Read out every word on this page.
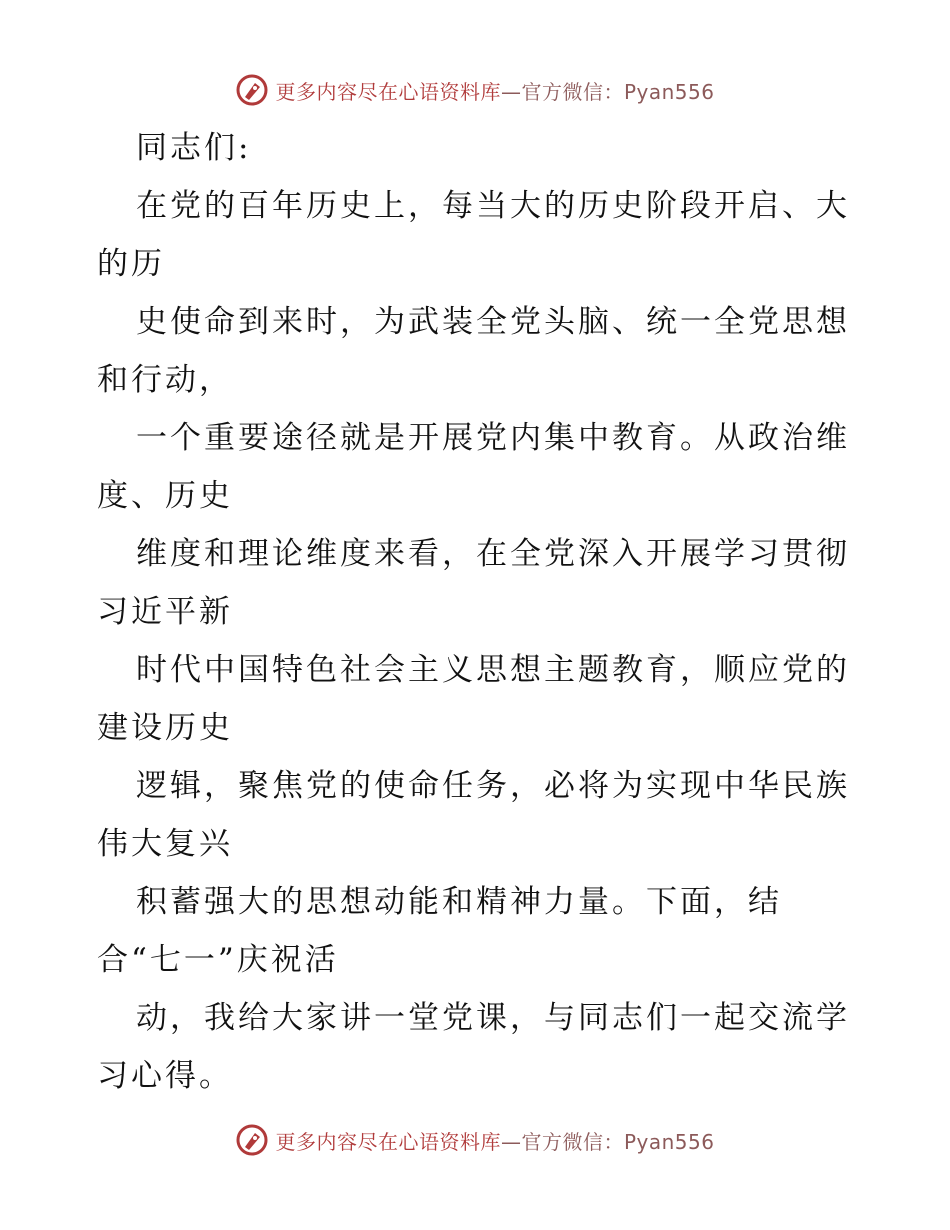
更多内容尽在心语资料库—官方微信：Pyan556
同志们:
在党的百年历史上，每当大的历史阶段开启、大
的历
史使命到来时，为武装全党头脑、统一全党思想
和行动，
一个重要途径就是开展党内集中教育。从政治维
度、历史
维度和理论维度来看，在全党深入开展学习贯彻
习近平新
时代中国特色社会主义思想主题教育，顺应党的
建设历史
逻辑，聚焦党的使命任务，必将为实现中华民族
伟大复兴
积蓄强大的思想动能和精神力量。下面，结
合“七一”庆祝活
动，我给大家讲一堂党课，与同志们一起交流学
习心得。
更多内容尽在心语资料库—官方微信：Pyan556
